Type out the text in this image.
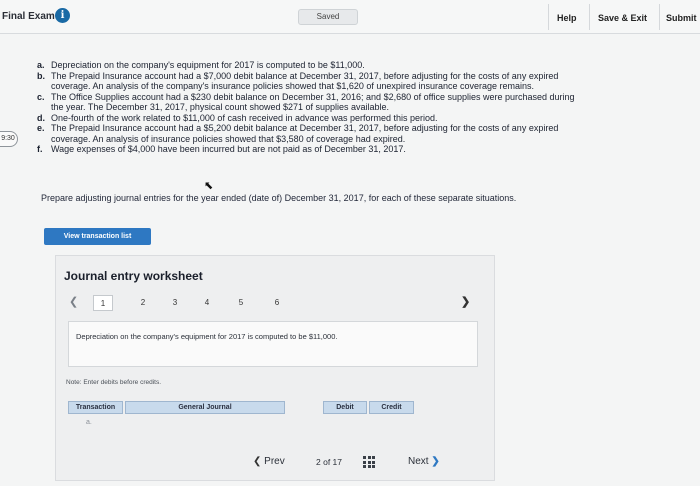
Final Exam i	Saved	Help Save & Exit Submit
9:30
a. Depreciation on the company's equipment for 2017 is computed to be $11,000.
b. The Prepaid Insurance account had a $7,000 debit balance at December 31, 2017, before adjusting for the costs of any expired
coverage. An analysis of the company's insurance policies showed that $1,620 of unexpired insurance coverage remains.
c. The Office Supplies account had a $230 debit balance on December 31, 2016; and $2,680 of office supplies were purchased during
the year. The December 31, 2017, physical count showed $271 of supplies available.
d. One-fourth of the work related to $11,000 of cash received in advance was performed this period.
e. The Prepaid Insurance account had a $5,200 debit balance at December 31, 2017, before adjusting for the costs of any expired
coverage. An analysis of insurance policies showed that $3,580 of coverage had expired.
f. Wage expenses of $4,000 have been incurred but are not paid as of December 31, 2017.
⬉
Prepare adjusting journal entries for the year ended (date of) December 31, 2017, for each of these separate situations.
View transaction list
Journal entry worksheet
❮	1	2	3	4	5	6	❯
Depreciation on the company's equipment for 2017 is computed to be $11,000.
Note: Enter debits before credits.
Transaction	General Journal	Debit	Credit
a.
❮ Prev	2 of 17	Next ❯
